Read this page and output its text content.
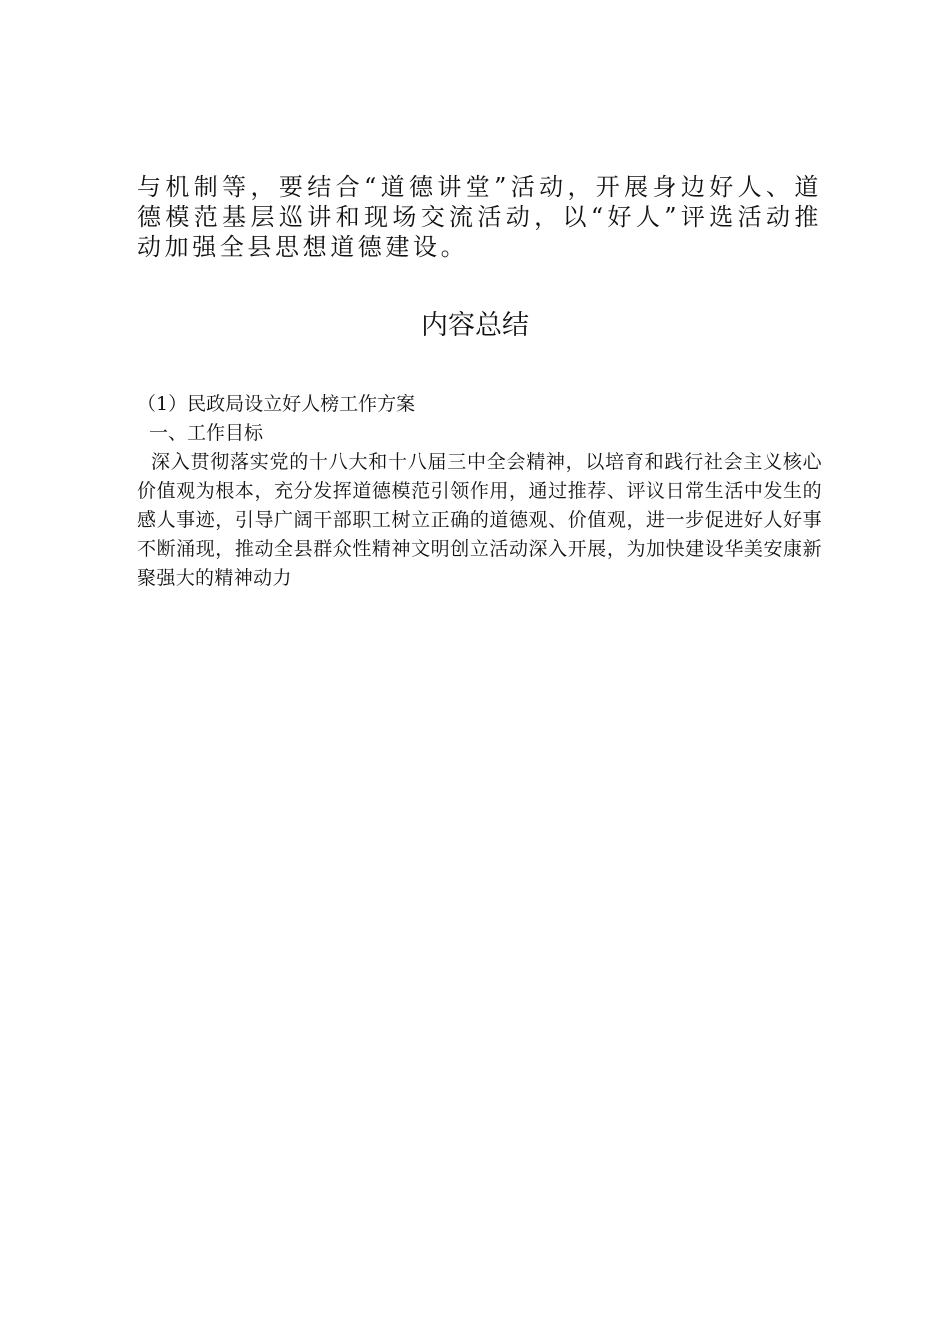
与机制等，要结合“道德讲堂”活动，开展身边好人、道德模范基层巡讲和现场交流活动，以“好人”评选活动推动加强全县思想道德建设。

内容总结

（1）民政局设立好人榜工作方案

一、工作目标

深入贯彻落实党的十八大和十八届三中全会精神，以培育和践行社会主义核心价值观为根本，充分发挥道德模范引领作用，通过推荐、评议日常生活中发生的感人事迹，引导广阔干部职工树立正确的道德观、价值观，进一步促进好人好事不断涌现，推动全县群众性精神文明创立活动深入开展，为加快建设华美安康新聚强大的精神动力
